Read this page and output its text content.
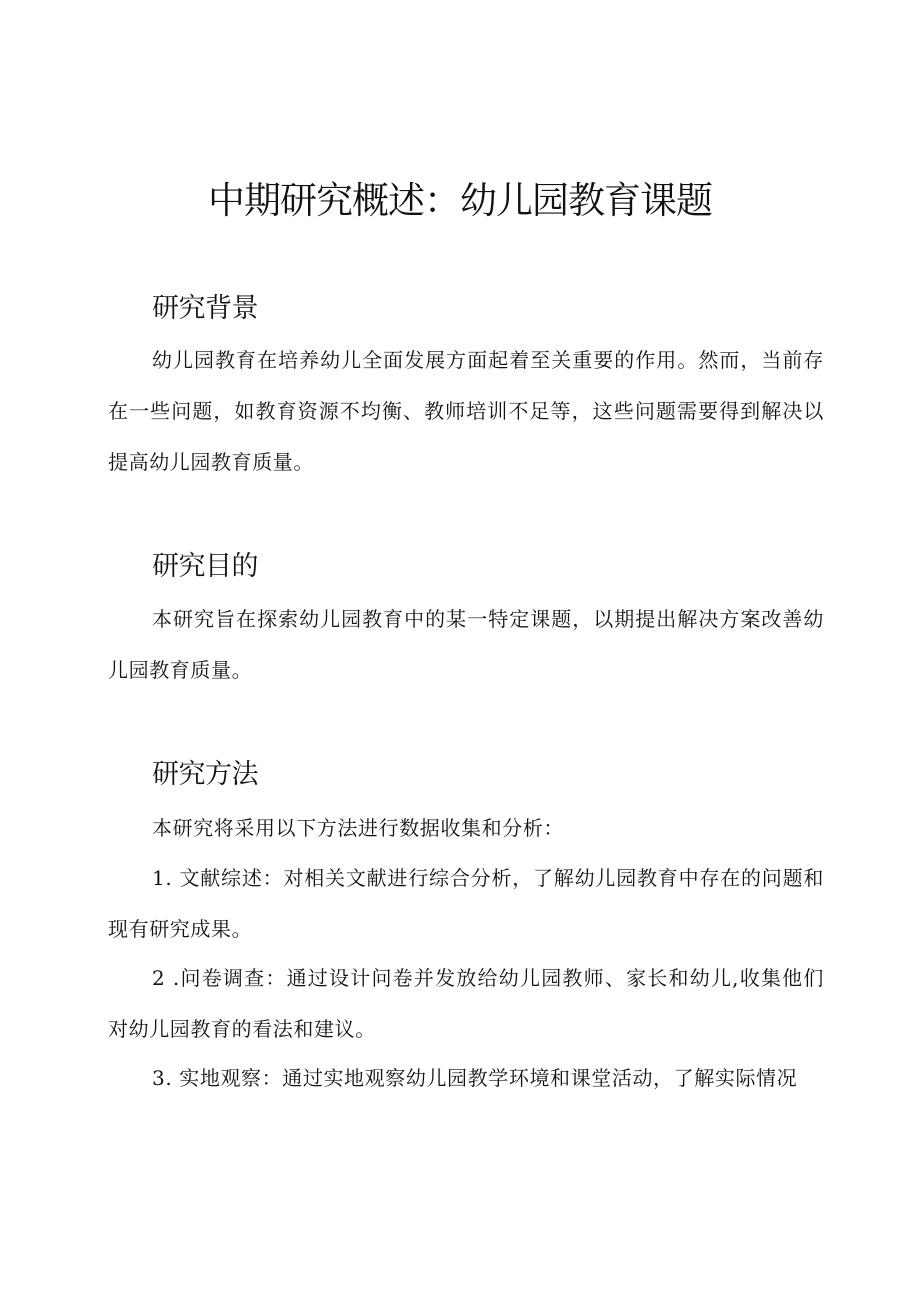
中期研究概述：幼儿园教育课题
研究背景

幼儿园教育在培养幼儿全面发展方面起着至关重要的作用。然而，当前存在一些问题，如教育资源不均衡、教师培训不足等，这些问题需要得到解决以提高幼儿园教育质量。

研究目的

本研究旨在探索幼儿园教育中的某一特定课题，以期提出解决方案改善幼儿园教育质量。

研究方法

本研究将采用以下方法进行数据收集和分析：

1. 文献综述：对相关文献进行综合分析，了解幼儿园教育中存在的问题和现有研究成果。

2 .问卷调查：通过设计问卷并发放给幼儿园教师、家长和幼儿,收集他们对幼儿园教育的看法和建议。

3. 实地观察：通过实地观察幼儿园教学环境和课堂活动，了解实际情况
